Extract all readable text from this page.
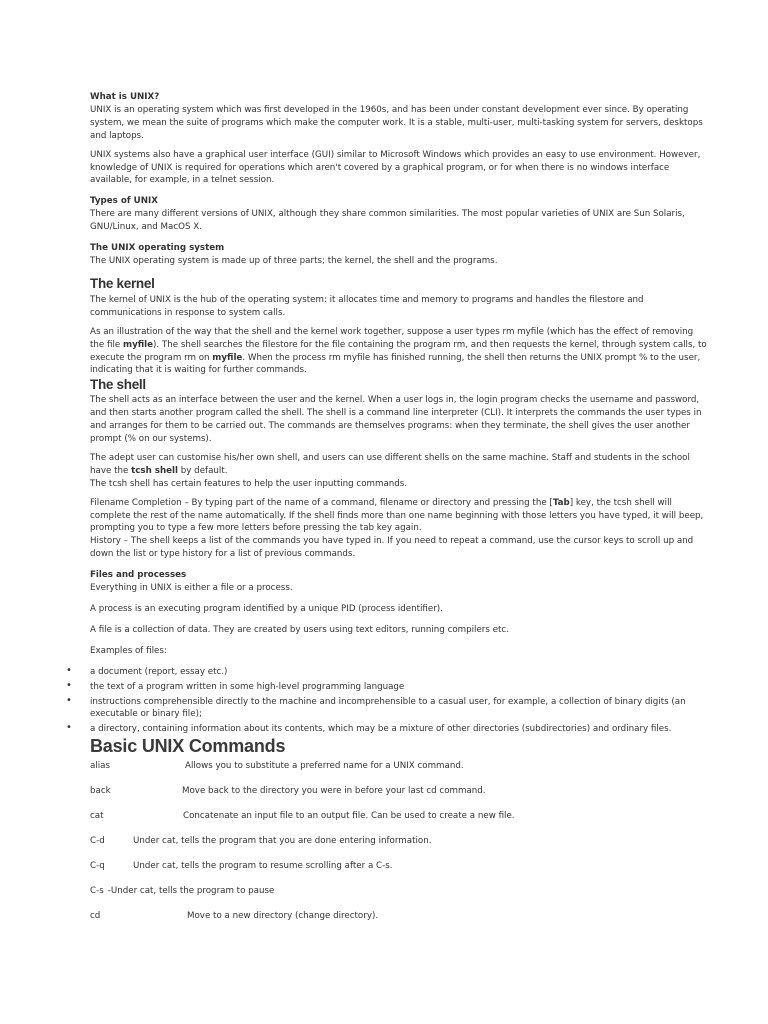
What is UNIX?

UNIX is an operating system which was first developed in the 1960s, and has been under constant development ever since. By operating system, we mean the suite of programs which make the computer work. It is a stable, multi-user, multi-tasking system for servers, desktops and laptops.

UNIX systems also have a graphical user interface (GUI) similar to Microsoft Windows which provides an easy to use environment. However, knowledge of UNIX is required for operations which aren't covered by a graphical program, or for when there is no windows interface available, for example, in a telnet session.

Types of UNIX

There are many different versions of UNIX, although they share common similarities. The most popular varieties of UNIX are Sun Solaris, GNU/Linux, and MacOS X.

The UNIX operating system

The UNIX operating system is made up of three parts; the kernel, the shell and the programs.

The kernel

The kernel of UNIX is the hub of the operating system: it allocates time and memory to programs and handles the filestore and communications in response to system calls.

As an illustration of the way that the shell and the kernel work together, suppose a user types rm myfile (which has the effect of removing the file myfile). The shell searches the filestore for the file containing the program rm, and then requests the kernel, through system calls, to execute the program rm on myfile. When the process rm myfile has finished running, the shell then returns the UNIX prompt % to the user, indicating that it is waiting for further commands.

The shell

The shell acts as an interface between the user and the kernel. When a user logs in, the login program checks the username and password, and then starts another program called the shell. The shell is a command line interpreter (CLI). It interprets the commands the user types in and arranges for them to be carried out. The commands are themselves programs: when they terminate, the shell gives the user another prompt (% on our systems).

The adept user can customise his/her own shell, and users can use different shells on the same machine. Staff and students in the school have the tcsh shell by default.

The tcsh shell has certain features to help the user inputting commands.

Filename Completion – By typing part of the name of a command, filename or directory and pressing the [Tab] key, the tcsh shell will complete the rest of the name automatically. If the shell finds more than one name beginning with those letters you have typed, it will beep, prompting you to type a few more letters before pressing the tab key again.

History – The shell keeps a list of the commands you have typed in. If you need to repeat a command, use the cursor keys to scroll up and down the list or type history for a list of previous commands.

Files and processes

Everything in UNIX is either a file or a process.

A process is an executing program identified by a unique PID (process identifier).

A file is a collection of data. They are created by users using text editors, running compilers etc.

Examples of files:

• a document (report, essay etc.)
• the text of a program written in some high-level programming language
• instructions comprehensible directly to the machine and incomprehensible to a casual user, for example, a collection of binary digits (an executable or binary file);
• a directory, containing information about its contents, which may be a mixture of other directories (subdirectories) and ordinary files.

Basic UNIX Commands

alias	Allows you to substitute a preferred name for a UNIX command.
back	Move back to the directory you were in before your last cd command.
cat	Concatenate an input file to an output file. Can be used to create a new file.
C-d	Under cat, tells the program that you are done entering information.
C-q	Under cat, tells the program to resume scrolling after a C-s.
C-s -Under cat, tells the program to pause
cd	Move to a new directory (change directory).
